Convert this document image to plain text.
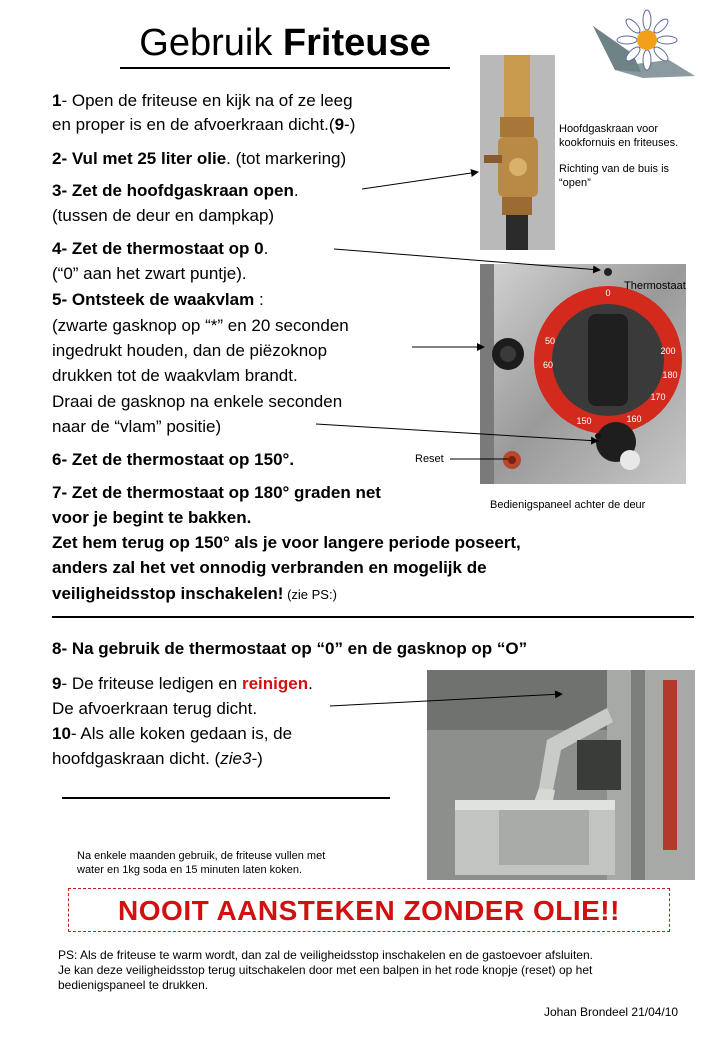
Gebruik Friteuse
1- Open de friteuse en kijk na of ze leeg
en proper is en de afvoerkraan dicht.(9-)
2- Vul met 25 liter olie. (tot markering)
3- Zet de hoofdgaskraan open.
(tussen de deur en dampkap)
4- Zet de thermostaat op 0.
(“0” aan het zwart puntje).
5- Ontsteek de waakvlam :
(zwarte gasknop op “*” en 20 seconden
ingedrukt houden, dan de piëzoknop
drukken tot de waakvlam brandt.
Draai de gasknop na enkele seconden
naar de “vlam” positie)
6- Zet de thermostaat op 150°.
7- Zet de thermostaat op 180° graden net
voor je begint te bakken.
Zet hem terug op 150° als je voor langere periode poseert,
anders zal het vet onnodig verbranden en mogelijk de
veiligheidsstop inschakelen! (zie PS:)
8- Na gebruik de thermostaat op “0” en de gasknop op “O”
9- De friteuse ledigen en reinigen.
De afvoerkraan terug dicht.
10- Als alle koken gedaan is, de
hoofdgaskraan dicht. (zie3-)
Hoofdgaskraan voor
kookfornuis en friteuses.
Richting van de buis is
“open”
0
50
60
200
180
170
160
150
Thermostaat
Reset
Bedienigspaneel achter de deur
Na enkele maanden gebruik, de friteuse vullen met
water en 1kg soda en 15 minuten laten koken.
NOOIT AANSTEKEN ZONDER OLIE!!
PS: Als de friteuse te warm wordt, dan zal de veiligheidsstop inschakelen en de gastoevoer afsluiten.
Je kan deze veiligheidsstop terug uitschakelen door met een balpen in het rode knopje (reset) op het
bedienigspaneel te drukken.
Johan Brondeel 21/04/10
